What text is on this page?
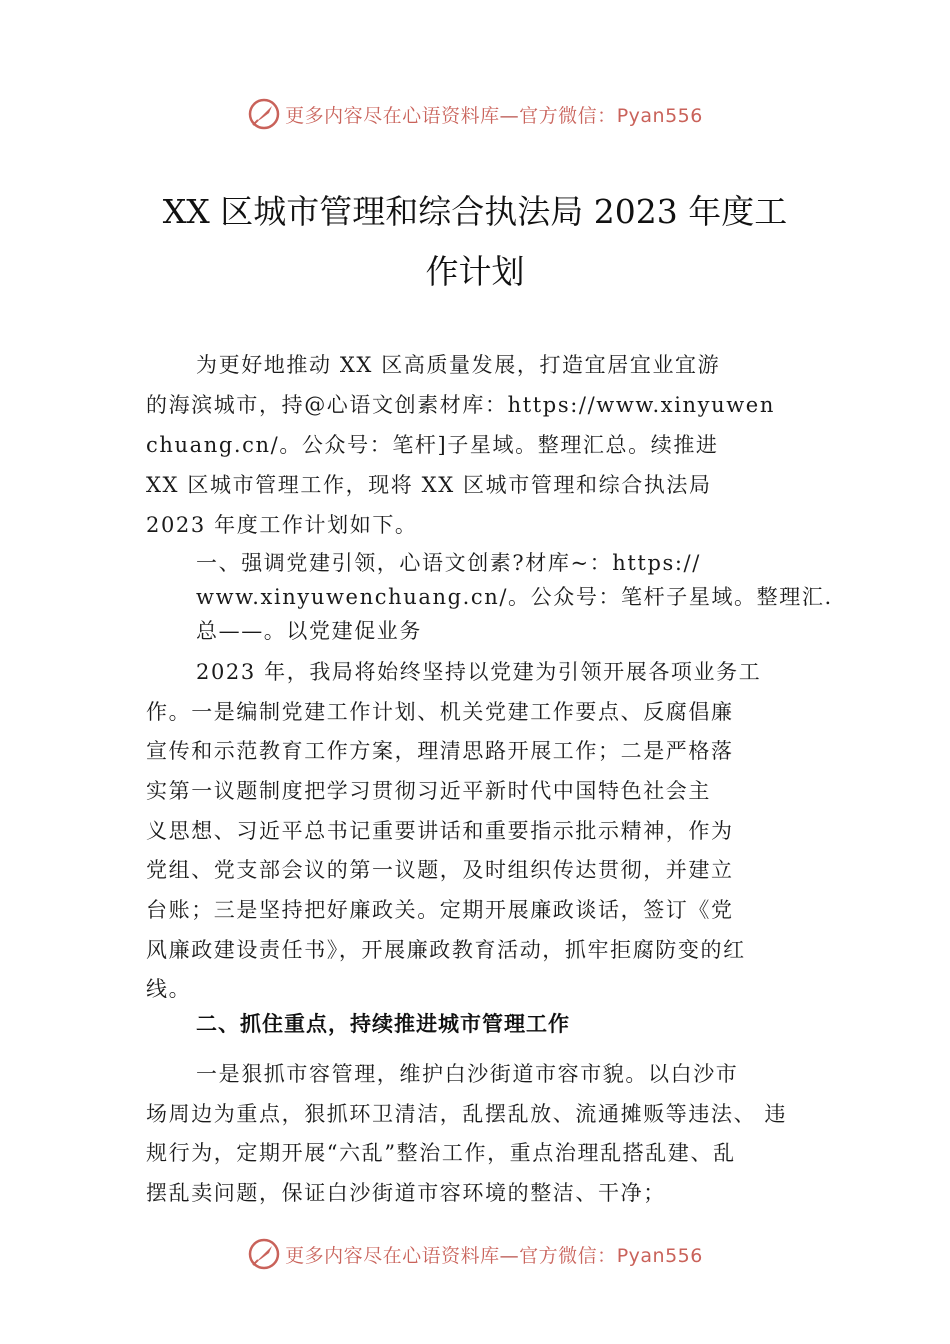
更多内容尽在心语资料库—官方微信：Pyan556
XX 区城市管理和综合执法局 2023 年度工
作计划

为更好地推动 XX 区高质量发展，打造宜居宜业宜游

的海滨城市，持@心语文创素材库：https://www.xinyuwen

chuang.cn/。公众号：笔杆]子星域。整理汇总。续推进

XX 区城市管理工作，现将 XX 区城市管理和综合执法局

2023 年度工作计划如下。

一、强调党建引领，心语文创素?材库~：https://

www.xinyuwenchuang.cn/。公众号：笔杆子星域。整理汇.

总——。以党建促业务

2023 年，我局将始终坚持以党建为引领开展各项业务工

作。一是编制党建工作计划、机关党建工作要点、反腐倡廉

宣传和示范教育工作方案，理清思路开展工作；二是严格落

实第一议题制度把学习贯彻习近平新时代中国特色社会主

义思想、习近平总书记重要讲话和重要指示批示精神，作为

党组、党支部会议的第一议题，及时组织传达贯彻，并建立

台账；三是坚持把好廉政关。定期开展廉政谈话，签订《党

风廉政建设责任书》，开展廉政教育活动，抓牢拒腐防变的红

线。

二、抓住重点，持续推进城市管理工作

一是狠抓市容管理，维护白沙街道市容市貌。以白沙市

场周边为重点，狠抓环卫清洁，乱摆乱放、流通摊贩等违法、 违

规行为，定期开展“六乱”整治工作，重点治理乱搭乱建、乱

摆乱卖问题，保证白沙街道市容环境的整洁、干净；

更多内容尽在心语资料库—官方微信：Pyan556
